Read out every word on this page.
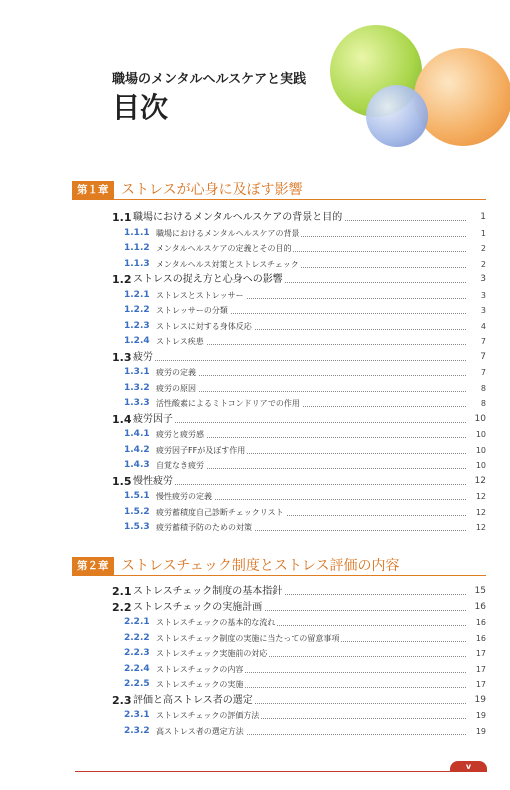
職場のメンタルヘルスケアと実践
目次
第１章 ストレスが心身に及ぼす影響
1.1 職場におけるメンタルヘルスケアの背景と目的	1
1.1.1 職場におけるメンタルヘルスケアの背景	1
1.1.2 メンタルヘルスケアの定義とその目的	2
1.1.3 メンタルヘルス対策とストレスチェック	2
1.2 ストレスの捉え方と心身への影響	3
1.2.1 ストレスとストレッサー	3
1.2.2 ストレッサーの分類	3
1.2.3 ストレスに対する身体反応	4
1.2.4 ストレス疾患	7
1.3 疲労	7
1.3.1 疲労の定義	7
1.3.2 疲労の原因	8
1.3.3 活性酸素によるミトコンドリアでの作用	8
1.4 疲労因子	10
1.4.1 疲労と疲労感	10
1.4.2 疲労因子FFが及ぼす作用	10
1.4.3 自覚なき疲労	10
1.5 慢性疲労	12
1.5.1 慢性疲労の定義	12
1.5.2 疲労蓄積度自己診断チェックリスト	12
1.5.3 疲労蓄積予防のための対策	12
第２章 ストレスチェック制度とストレス評価の内容
2.1 ストレスチェック制度の基本指針	15
2.2 ストレスチェックの実施計画	16
2.2.1 ストレスチェックの基本的な流れ	16
2.2.2 ストレスチェック制度の実施に当たっての留意事項	16
2.2.3 ストレスチェック実施前の対応	17
2.2.4 ストレスチェックの内容	17
2.2.5 ストレスチェックの実施	17
2.3 評価と高ストレス者の選定	19
2.3.1 ストレスチェックの評価方法	19
2.3.2 高ストレス者の選定方法	19
v
